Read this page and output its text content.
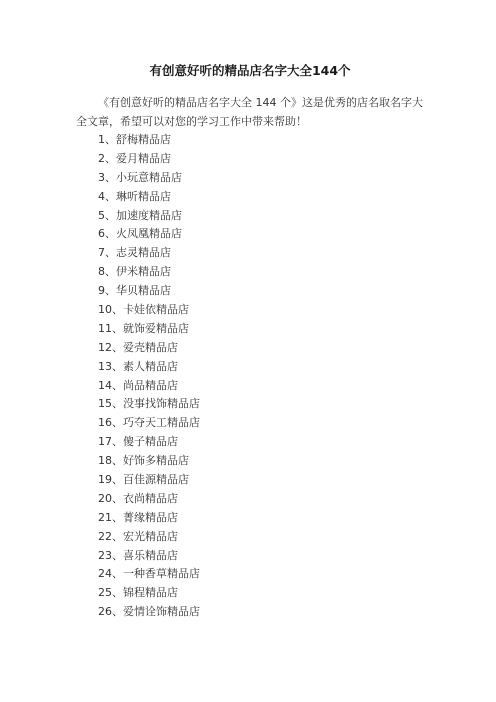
有创意好听的精品店名字大全144个

《有创意好听的精品店名字大全 144 个》这是优秀的店名取名字大全文章，希望可以对您的学习工作中带来帮助！

1、舒梅精品店
2、爱月精品店
3、小玩意精品店
4、琳听精品店
5、加速度精品店
6、火凤凰精品店
7、志灵精品店
8、伊米精品店
9、华贝精品店
10、卡娃依精品店
11、就饰爱精品店
12、爱壳精品店
13、素人精品店
14、尚品精品店
15、没事找饰精品店
16、巧夺天工精品店
17、傻子精品店
18、好饰多精品店
19、百佳源精品店
20、衣尚精品店
21、菁缘精品店
22、宏光精品店
23、喜乐精品店
24、一种香草精品店
25、锦程精品店
26、爱情诠饰精品店
